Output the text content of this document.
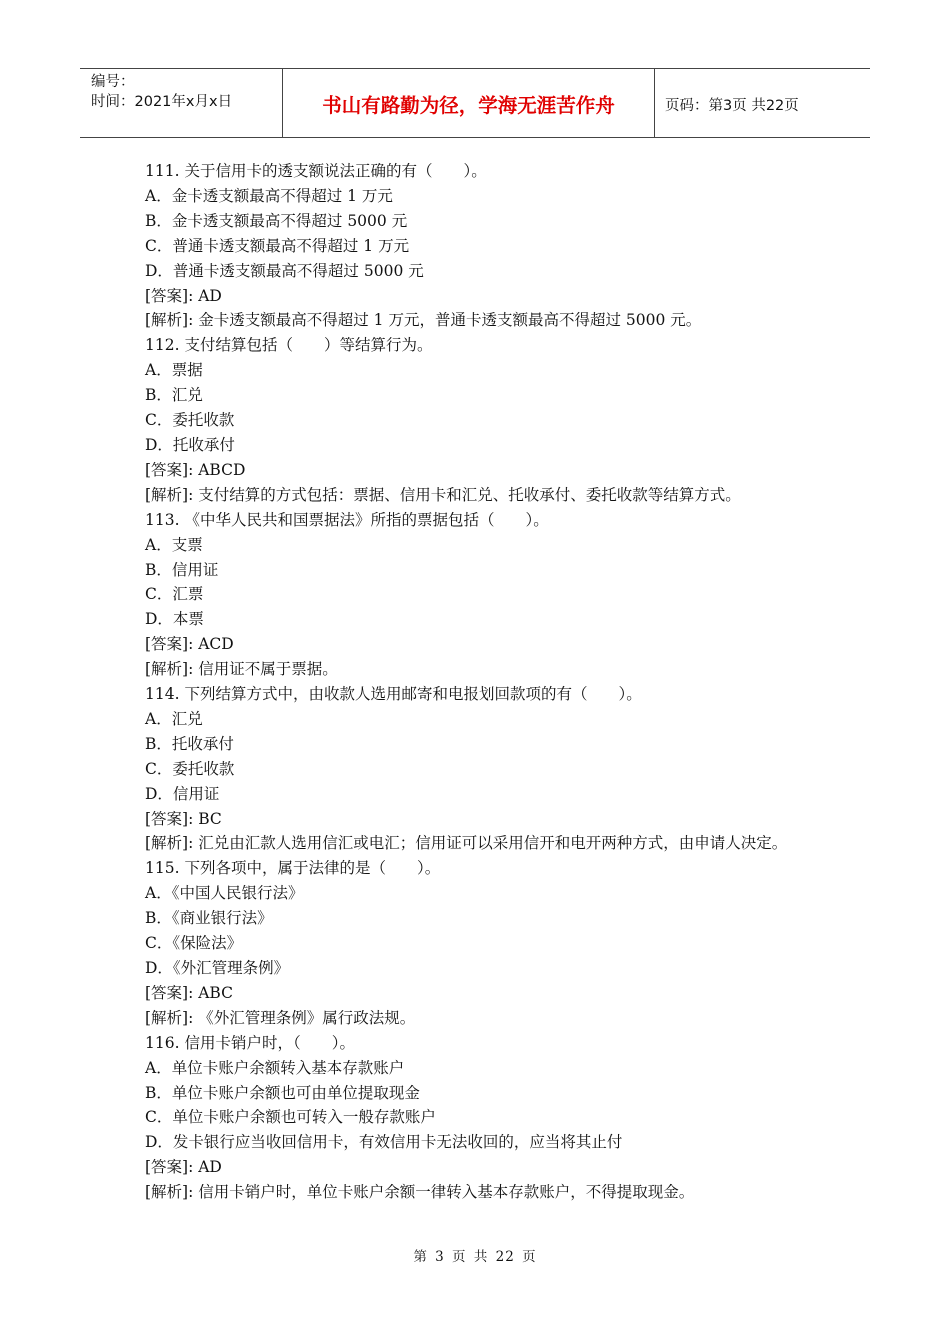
编号：
时间：2021年x月x日	书山有路勤为径，学海无涯苦作舟	页码：第3页 共22页
111. 关于信用卡的透支额说法正确的有（　　）。
A．金卡透支额最高不得超过 1 万元
B．金卡透支额最高不得超过 5000 元
C．普通卡透支额最高不得超过 1 万元
D．普通卡透支额最高不得超过 5000 元
[答案]: AD
[解析]: 金卡透支额最高不得超过 1 万元，普通卡透支额最高不得超过 5000 元。
112. 支付结算包括（　　）等结算行为。
A．票据
B．汇兑
C．委托收款
D．托收承付
[答案]: ABCD
[解析]: 支付结算的方式包括：票据、信用卡和汇兑、托收承付、委托收款等结算方式。
113. 《中华人民共和国票据法》所指的票据包括（　　）。
A．支票
B．信用证
C．汇票
D．本票
[答案]: ACD
[解析]: 信用证不属于票据。
114. 下列结算方式中，由收款人选用邮寄和电报划回款项的有（　　）。
A．汇兑
B．托收承付
C．委托收款
D．信用证
[答案]: BC
[解析]: 汇兑由汇款人选用信汇或电汇；信用证可以采用信开和电开两种方式，由申请人决定。
115. 下列各项中，属于法律的是（　　）。
A．《中国人民银行法》
B．《商业银行法》
C．《保险法》
D．《外汇管理条例》
[答案]: ABC
[解析]: 《外汇管理条例》属行政法规。
116. 信用卡销户时，（　　）。
A．单位卡账户余额转入基本存款账户
B．单位卡账户余额也可由单位提取现金
C．单位卡账户余额也可转入一般存款账户
D．发卡银行应当收回信用卡，有效信用卡无法收回的，应当将其止付
[答案]: AD
[解析]: 信用卡销户时，单位卡账户余额一律转入基本存款账户，不得提取现金。
第 3 页 共 22 页
